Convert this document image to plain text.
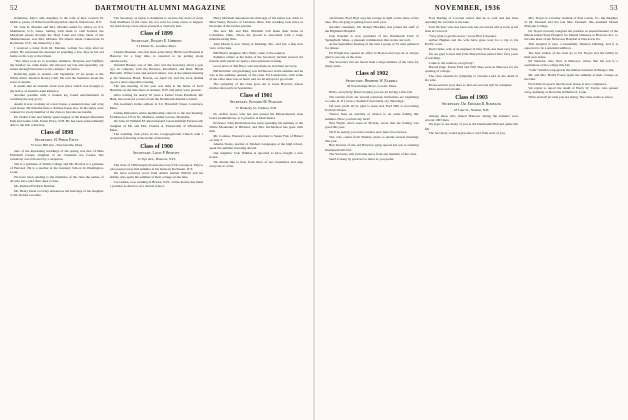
52	DARTMOUTH ALUMNI MAGAZINE

Katherine, Mac's only daughter, is the wife of Rev. Gordon W. Mattice, pastor of Watertown Presbyterian church, Watertown, N.Y.

Dr. Jose K. Marden and Mrs. Marden sailed for Africa on S.S. Manhattan, U.S. Lines. Sailing with them to visit Ireland, the Maryland passes through the Holy Land and other lands of the Mediterranean, was Mrs. Marden. We almost made connections in Rochester, N.Y., but missed by a day.

I received a letter from Dr. Marden, written two days after he sailed. He expressed his pleasure in spending a few days in his old home on his way to the Orient.

"The latter took us to Gardner, Amherst, Holyoke and Suffield, the Sunday we came home. We enjoyed our trip and especially our return through Worcester to the campus," he writes.

Referring again to Austin—On September 27 he spoke at the White River Junction Rotary Club. He told the members about the town of Austin.

It seems that an unusual event took place which was brought to the notice of Austin's Aunt Patience.

Another pastime with a broken leg found entertainment in watching the dog go by.

Austin is now working on a new house, a sunken house, and a big road house. He manufactures a chicken house also. In his shops were ordered for every member of the class to become successful.

Dr. Walter Lane and family spent August at the Rangel Mountain Fish and Game Club, Potter Place, N.H. He has been extraordinarily able to the fish collection.

Class of 1898
Secretary, H. Philip Patey
57 Gore Hill Ave., Newtonville, Mass.

One of the interesting weddings of the spring was that of Miss Elizabeth Carnes, daughter of our classmate Joe Carnes. The ceremony was followed by a reception.

She is a graduate of Smith College and Mr. Bowles is a graduate of Harvard. He is a teacher at the Gunnery School in Washington, Conn.

We have been sending to the members of the class the names of all who have paid their dues to date.

Mr. Richard Fredrick Dutcher.

Mr. Henry Dean Crowley announces the marriage of his daughter to Mr. Robert Goodale.

The Secretary, as usual, is delighted to receive any news of news from members of the class. Do not wait for some event to happen, but send along a note about yourself or anybody else.

Class of 1899
Secretary, Dwight E. Gibbons
51 Parker St., Gardner, Mass.

Charlie Sheehan, who has been at the Mary Hitchcock Hospital at Hanover for a long time, is reported to be getting along satisfactorily.

Wendell Barney, one of Jim, who was the Secretary about a year ago, in company with the Barneys, Knollfield, and Ruts, Hiram Balcomb, Walter Lane and several others, was at the annual meeting at the Sheraton Hotel, Boston, on April 19, and the local alumni report a most enjoyable evening.

The last meeting of the year was held at the home of Arch Hutchins on the lake shore at Auburn, N.H. and many were present.

After waiting for nearly 30 years a former Class President, Mr. Hunt, has received a notice from the Dartmouth Alumni Council.

Jim Gorman's home address is 311 Haverhill Street, Lawrence, Mass.

Joshua Kilbourn's entire membership came in to the last meeting. Ed Mason at 3 Fort St., Madison, Arthur Lavoie, Plainville.

On June 10 William M. Reed married Carrie Kimball Farnsworth, daughter of Mr. and Mrs. Charles A. Farnsworth of Winchester, Mass.

The wedding took place in the Congregational Church with a reception following at the home of the bride.

Class of 1900
Secretary, Louis P. Benezet
11 Nye Ave., Hanover, N.H.

The class of 1900 deeply mourns the loss of Dr. George A. Pierce, who passed away this summer at his home in Rochester, N.Y.

We have received word from Arthur Gilbert Balbitt and his family, who spent the summer at their cottage on the lake.

Carl Alden, now residing in Bristol, N.H., writes that he has taken a position as director of a church school.

Harry Marshall announces the marriage of his eldest son, John, to Miss Nancy Bowers of Lebanon, Ohio. The wedding took place at the home of the bride's parents.

The new Mr. and Mrs. Marshall will make their home in Columbus, Ohio, where the groom is associated with a large manufacturing firm.

John Marsh is now living at Redding, Me., and has a fine new view of the lake.

Bill Blair's daughter, Mrs. Blair, came to the reunion.

Summer callers at the home of the Secretary include several old friends with whom we spent a most pleasant evening.

Good news of Jim Hoyt, who has made an excellent recovery.

Bill Robbins' old gardening was in Hanover in the summer and he was at the summer reunion of the class. Ed Lansdowne, with some of the other men was on hand, and we all enjoyed a good talk.

The sympathy of the class goes out to Gene Howard, whose mother died early in September.

Class of 1901
Secretary, Edward M. Pearson
37 Berkeley St., Nashua, N.H.

Dr. Arthur Sears, who has just passed his Massachusetts state board examinations, is to practice at Manchester.

Professor John Richardson has been spending his summer at the White Mountains at Hibbard, and Mrs. Richardson has gone with him.

Mr. Larabee, Eleanor's son, was married to Susan Fisk of Bristol on July 3.

Amelia Steele, teacher of Modern Languages at the high school, spent the summer traveling abroad.

Our neighbor Jack Wilkins is reported to have bought a new house.

We should like to hear from more of our classmates and urge everyone to write.

NOVEMBER, 1936	53

old friends. Fred Hoyt says his cottage is right on the shore of the lake. The old gang is getting fewer each year.

Another classmate, Mr. Robert Hawkins, has joined the staff of the Highland Hospital.

Jack Kendall is now president of the Dartmouth Club of Springfield, Mass., a pleasant combination that works out well.

At the September meeting of the club a group of '01 men gathered for dinner.

Ed Wright has opened an office in Boston and says he is always glad to see any of the class.

The Secretary has not heard from a large number of the class for many years.

Class of 1902
Secretary, Herbert W. Farrell
30 Woodbridge Place, Lowell, Mass.

Hello, everybody. Here's hoping you are all having a fine fall.

The returns from our several round-up invitations are beginning to come in. If I were a chemist I'd probably say 'Heavings.'

I'm sure you'll all be glad to learn that Fred Hall is recovering from his illness.

There's been an extreme of chance to do some fishing this summer. Have you had any luck?

Ned Wight, who's been in Florida, wrote that the fishing was good this year.

We'll be seeing you at the reunion next June if not before.

Ted, who comes from Nashua, plans to attend several meetings this year.

Ben Stevens of the old Hanover gang reports his son is entering Dartmouth this fall.

The Secretary will welcome news from any member of the class.

Send it along by postcard or letter as you prefer.

Fred Darling of Laconia writes that he is well and has been spending his vacation at the lake.

Tom Nichols who has been sick has recovered and is back at his desk in Concord.

"Very glad to get the news," wrote Bert Carpenter.

Arthur Hughes and his wife have gone west for a trip to the Pacific coast.

Paul Clarke, who is an engineer in New York, has been very busy.

We are glad to hear that John Sherwin has retired after forty years of teaching.

Come to the reunion, everybody!

Harold Page, Frank Ellis and Will Shea were in Hanover for the opening of college.

The class extends its sympathy to Charles Ladd on the death of his wife.

Please send in your dues so that our records will be complete.

More news next month.

Class of 1903
Secretary, Dr. Edward R. Burbank
18 Lake St., Nashua, N.H.

Among those who visited Hanover during the summer were several 1903 men.

We hope to see many of you at the Dartmouth-Harvard game this fall.

The Secretary would appreciate a card from each of you.

Mrs. Noyes is a former resident of East Calais, Vt., the daughter of Dr. Donnell and the late Mrs. Donnell. She attended Mount Holyoke College.

Dr. Noyes recently resigned his position as superintendent of the Rhode Island State Hospital for Mental Diseases at Howard, R.I., to become head of the Newtown Hospital at Newtown, Pa.

This hospital is new, a beautifully finished building, and it is expected to be a splendid addition.

The best wishes of the class go to Dr. Noyes and his family in their new home.

Ed Sanborn, who lives at Hanover, writes that his son is a sophomore at the college this fall.

"John" Smith is engaged in the lumber business in Bangor, Me.

Mr. and Mrs. Hollis Foster spent the summer at their cottage on the lake.

Fred Abbott reports that his new house is now completed.

We regret to report the death of Harry W. Taylor, who passed away suddenly at his home in Hartford, Conn.

Write and tell us what you are doing. The class wants to know.
